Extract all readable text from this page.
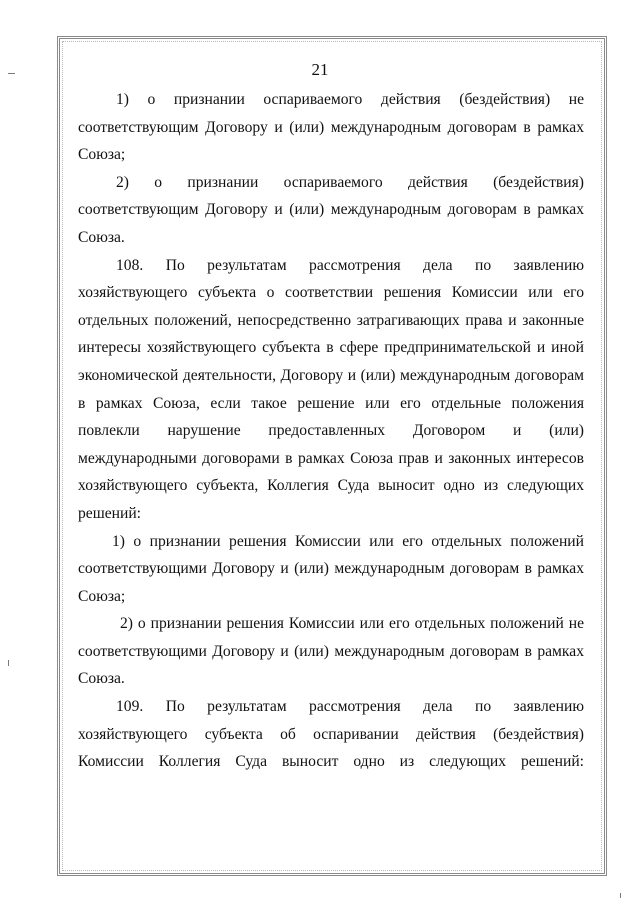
21

1) о признании оспариваемого действия (бездействия) не соответствующим Договору и (или) международным договорам в рамках Союза;

2) о признании оспариваемого действия (бездействия) соответствующим Договору и (или) международным договорам в рамках Союза.

108. По результатам рассмотрения дела по заявлению хозяйствующего субъекта о соответствии решения Комиссии или его отдельных положений, непосредственно затрагивающих права и законные интересы хозяйствующего субъекта в сфере предпринимательской и иной экономической деятельности, Договору и (или) международным договорам в рамках Союза, если такое решение или его отдельные положения повлекли нарушение предоставленных Договором и (или) международными договорами в рамках Союза прав и законных интересов хозяйствующего субъекта, Коллегия Суда выносит одно из следующих решений:

1) о признании решения Комиссии или его отдельных положений соответствующими Договору и (или) международным договорам в рамках Союза;

2) о признании решения Комиссии или его отдельных положений не соответствующими Договору и (или) международным договорам в рамках Союза.

109. По результатам рассмотрения дела по заявлению хозяйствующего субъекта об оспаривании действия (бездействия) Комиссии Коллегия Суда выносит одно из следующих решений:
